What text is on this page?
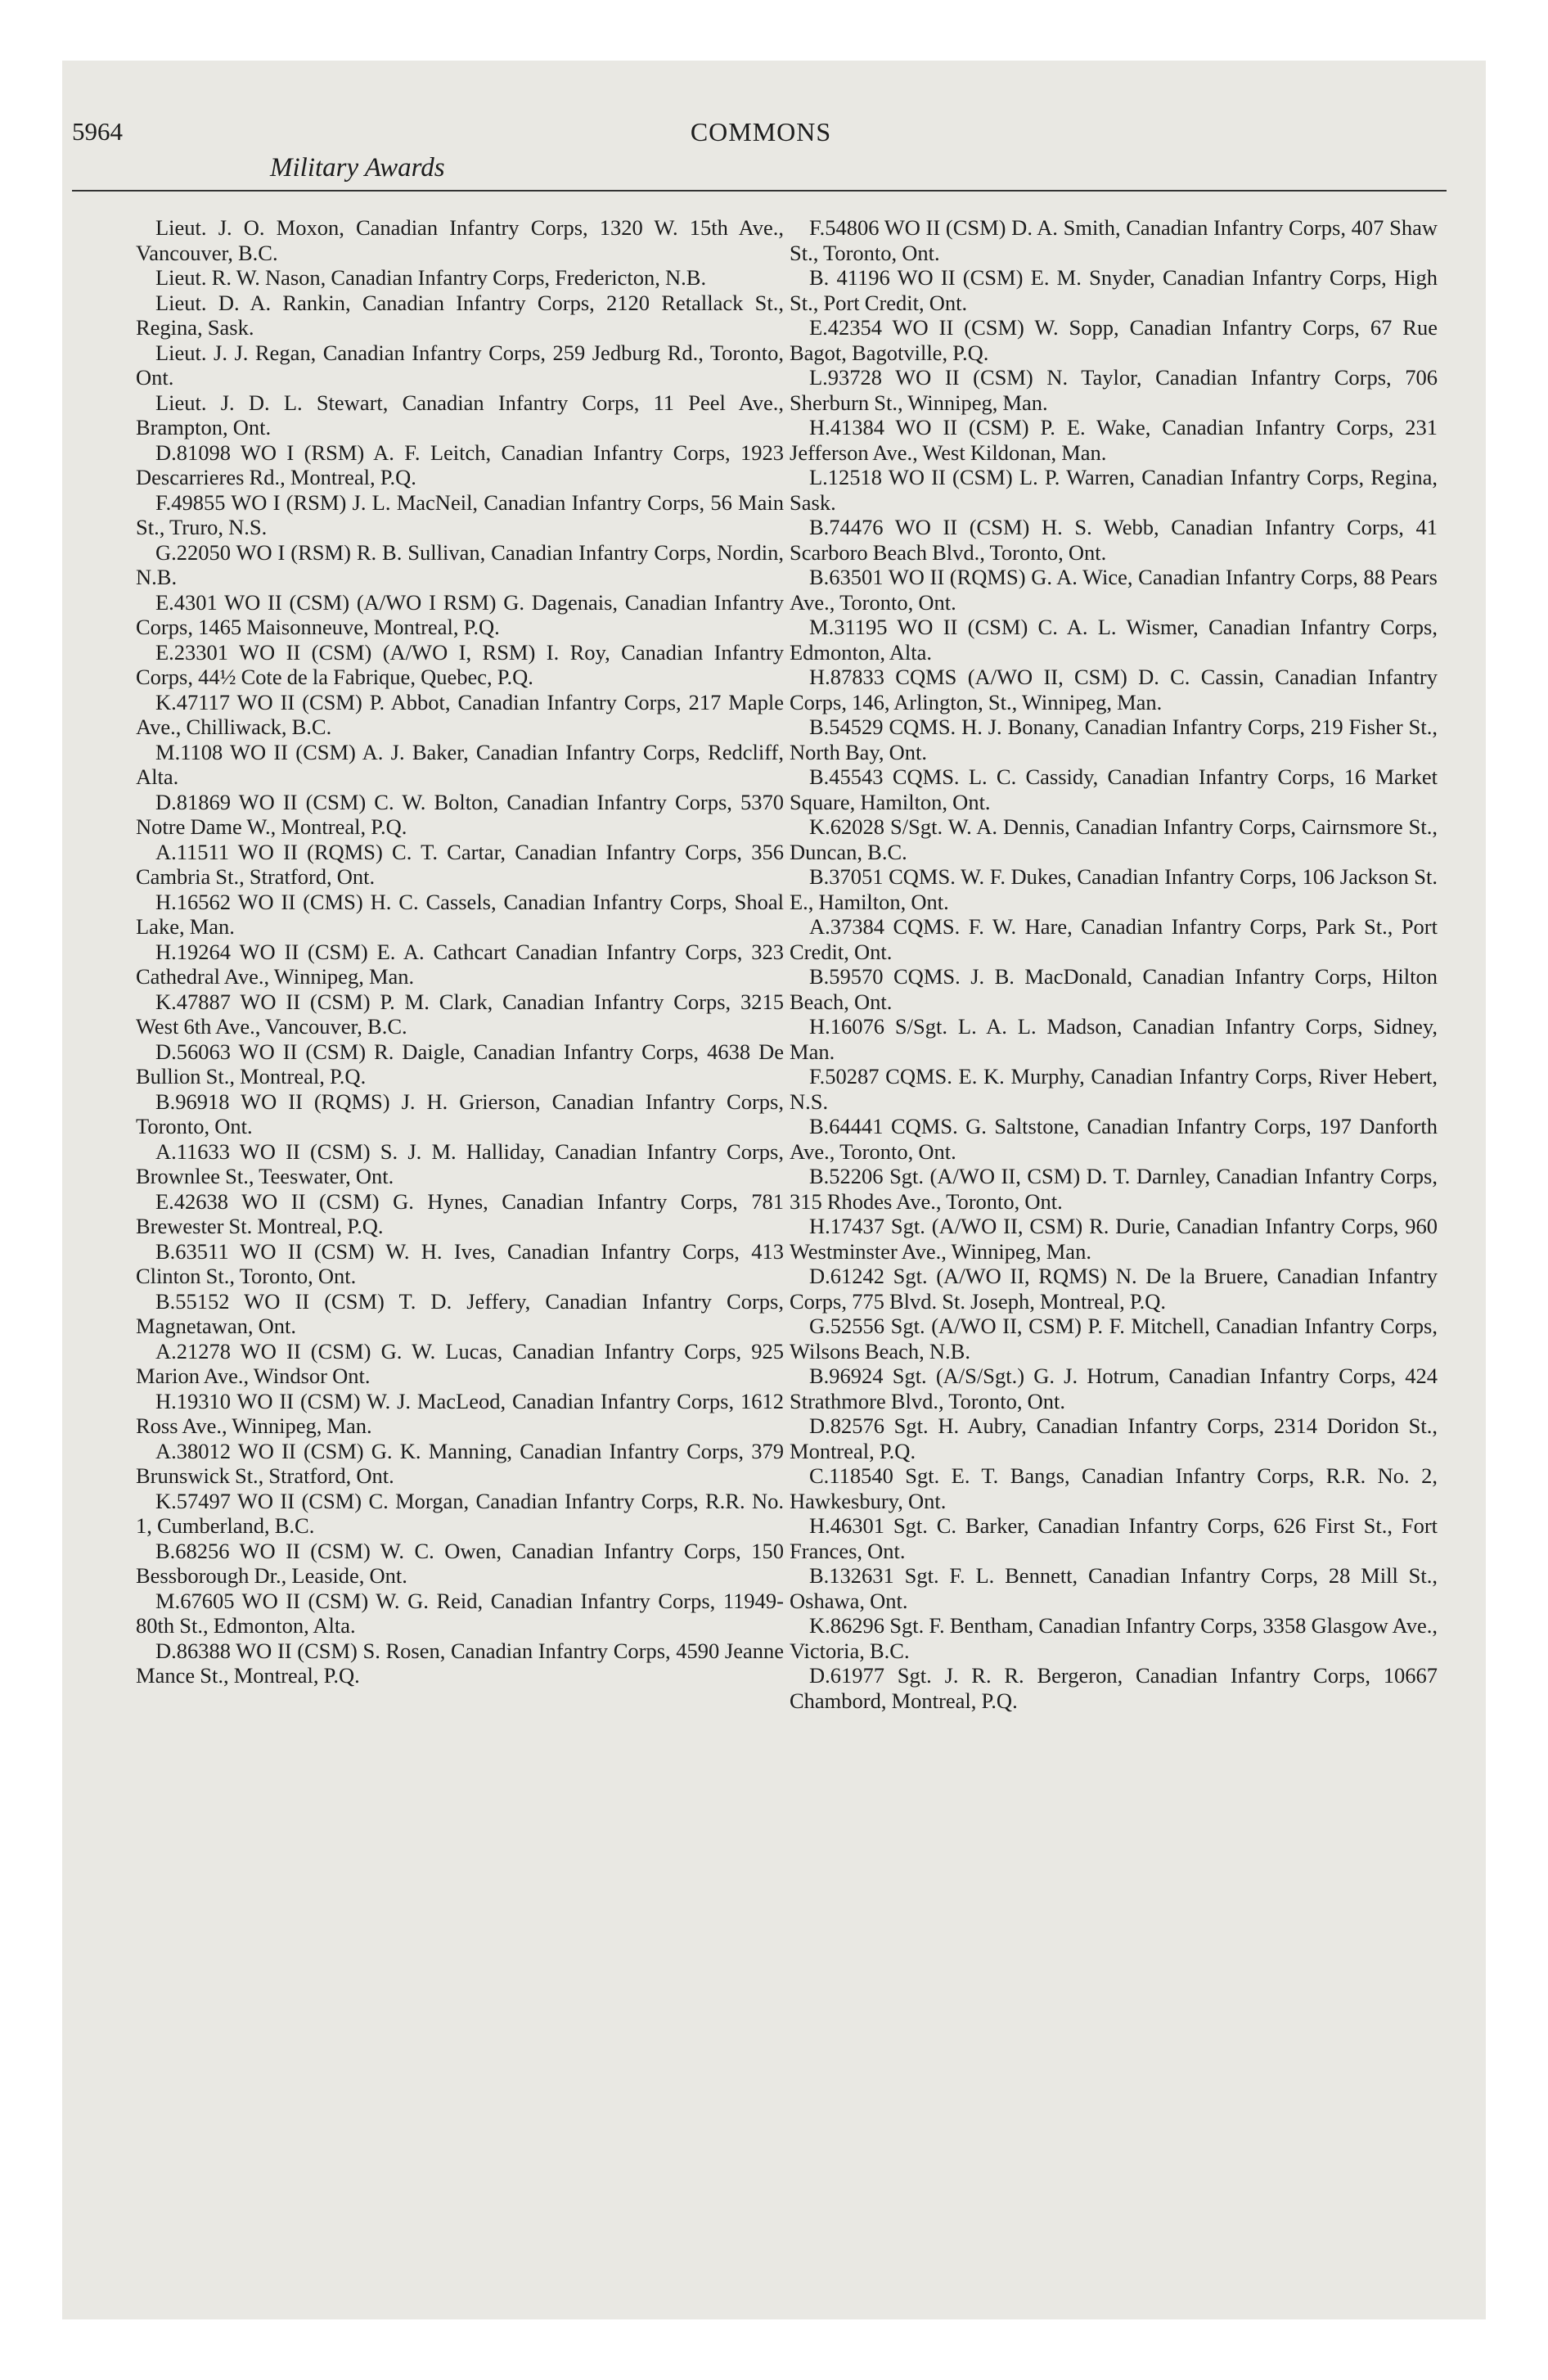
5964	COMMONS
Military Awards

Lieut. J. O. Moxon, Canadian Infantry Corps, 1320 W. 15th Ave., Vancouver, B.C.

Lieut. R. W. Nason, Canadian Infantry Corps, Fredericton, N.B.

Lieut. D. A. Rankin, Canadian Infantry Corps, 2120 Retallack St., Regina, Sask.

Lieut. J. J. Regan, Canadian Infantry Corps, 259 Jedburg Rd., Toronto, Ont.

Lieut. J. D. L. Stewart, Canadian Infantry Corps, 11 Peel Ave., Brampton, Ont.

D.81098 WO I (RSM) A. F. Leitch, Canadian Infantry Corps, 1923 Descarrieres Rd., Montreal, P.Q.

F.49855 WO I (RSM) J. L. MacNeil, Canadian Infantry Corps, 56 Main St., Truro, N.S.

G.22050 WO I (RSM) R. B. Sullivan, Canadian Infantry Corps, Nordin, N.B.

E.4301 WO II (CSM) (A/WO I RSM) G. Dagenais, Canadian Infantry Corps, 1465 Maisonneuve, Montreal, P.Q.

E.23301 WO II (CSM) (A/WO I, RSM) I. Roy, Canadian Infantry Corps, 44½ Cote de la Fabrique, Quebec, P.Q.

K.47117 WO II (CSM) P. Abbot, Canadian Infantry Corps, 217 Maple Ave., Chilliwack, B.C.

M.1108 WO II (CSM) A. J. Baker, Canadian Infantry Corps, Redcliff, Alta.

D.81869 WO II (CSM) C. W. Bolton, Canadian Infantry Corps, 5370 Notre Dame W., Montreal, P.Q.

A.11511 WO II (RQMS) C. T. Cartar, Canadian Infantry Corps, 356 Cambria St., Stratford, Ont.

H.16562 WO II (CMS) H. C. Cassels, Canadian Infantry Corps, Shoal Lake, Man.

H.19264 WO II (CSM) E. A. Cathcart Canadian Infantry Corps, 323 Cathedral Ave., Winnipeg, Man.

K.47887 WO II (CSM) P. M. Clark, Canadian Infantry Corps, 3215 West 6th Ave., Vancouver, B.C.

D.56063 WO II (CSM) R. Daigle, Canadian Infantry Corps, 4638 De Bullion St., Montreal, P.Q.

B.96918 WO II (RQMS) J. H. Grierson, Canadian Infantry Corps, Toronto, Ont.

A.11633 WO II (CSM) S. J. M. Halliday, Canadian Infantry Corps, Brownlee St., Teeswater, Ont.

E.42638 WO II (CSM) G. Hynes, Canadian Infantry Corps, 781 Brewester St. Montreal, P.Q.

B.63511 WO II (CSM) W. H. Ives, Canadian Infantry Corps, 413 Clinton St., Toronto, Ont.

B.55152 WO II (CSM) T. D. Jeffery, Canadian Infantry Corps, Magnetawan, Ont.

A.21278 WO II (CSM) G. W. Lucas, Canadian Infantry Corps, 925 Marion Ave., Windsor Ont.

H.19310 WO II (CSM) W. J. MacLeod, Canadian Infantry Corps, 1612 Ross Ave., Winnipeg, Man.

A.38012 WO II (CSM) G. K. Manning, Canadian Infantry Corps, 379 Brunswick St., Stratford, Ont.

K.57497 WO II (CSM) C. Morgan, Canadian Infantry Corps, R.R. No. 1, Cumberland, B.C.

B.68256 WO II (CSM) W. C. Owen, Canadian Infantry Corps, 150 Bessborough Dr., Leaside, Ont.

M.67605 WO II (CSM) W. G. Reid, Canadian Infantry Corps, 11949-80th St., Edmonton, Alta.

D.86388 WO II (CSM) S. Rosen, Canadian Infantry Corps, 4590 Jeanne Mance St., Montreal, P.Q.

F.54806 WO II (CSM) D. A. Smith, Canadian Infantry Corps, 407 Shaw St., Toronto, Ont.

B. 41196 WO II (CSM) E. M. Snyder, Canadian Infantry Corps, High St., Port Credit, Ont.

E.42354 WO II (CSM) W. Sopp, Canadian Infantry Corps, 67 Rue Bagot, Bagotville, P.Q.

L.93728 WO II (CSM) N. Taylor, Canadian Infantry Corps, 706 Sherburn St., Winnipeg, Man.

H.41384 WO II (CSM) P. E. Wake, Canadian Infantry Corps, 231 Jefferson Ave., West Kildonan, Man.

L.12518 WO II (CSM) L. P. Warren, Canadian Infantry Corps, Regina, Sask.

B.74476 WO II (CSM) H. S. Webb, Canadian Infantry Corps, 41 Scarboro Beach Blvd., Toronto, Ont.

B.63501 WO II (RQMS) G. A. Wice, Canadian Infantry Corps, 88 Pears Ave., Toronto, Ont.

M.31195 WO II (CSM) C. A. L. Wismer, Canadian Infantry Corps, Edmonton, Alta.

H.87833 CQMS (A/WO II, CSM) D. C. Cassin, Canadian Infantry Corps, 146, Arlington, St., Winnipeg, Man.

B.54529 CQMS. H. J. Bonany, Canadian Infantry Corps, 219 Fisher St., North Bay, Ont.

B.45543 CQMS. L. C. Cassidy, Canadian Infantry Corps, 16 Market Square, Hamilton, Ont.

K.62028 S/Sgt. W. A. Dennis, Canadian Infantry Corps, Cairnsmore St., Duncan, B.C.

B.37051 CQMS. W. F. Dukes, Canadian Infantry Corps, 106 Jackson St. E., Hamilton, Ont.

A.37384 CQMS. F. W. Hare, Canadian Infantry Corps, Park St., Port Credit, Ont.

B.59570 CQMS. J. B. MacDonald, Canadian Infantry Corps, Hilton Beach, Ont.

H.16076 S/Sgt. L. A. L. Madson, Canadian Infantry Corps, Sidney, Man.

F.50287 CQMS. E. K. Murphy, Canadian Infantry Corps, River Hebert, N.S.

B.64441 CQMS. G. Saltstone, Canadian Infantry Corps, 197 Danforth Ave., Toronto, Ont.

B.52206 Sgt. (A/WO II, CSM) D. T. Darnley, Canadian Infantry Corps, 315 Rhodes Ave., Toronto, Ont.

H.17437 Sgt. (A/WO II, CSM) R. Durie, Canadian Infantry Corps, 960 Westminster Ave., Winnipeg, Man.

D.61242 Sgt. (A/WO II, RQMS) N. De la Bruere, Canadian Infantry Corps, 775 Blvd. St. Joseph, Montreal, P.Q.

G.52556 Sgt. (A/WO II, CSM) P. F. Mitchell, Canadian Infantry Corps, Wilsons Beach, N.B.

B.96924 Sgt. (A/S/Sgt.) G. J. Hotrum, Canadian Infantry Corps, 424 Strathmore Blvd., Toronto, Ont.

D.82576 Sgt. H. Aubry, Canadian Infantry Corps, 2314 Doridon St., Montreal, P.Q.

C.118540 Sgt. E. T. Bangs, Canadian Infantry Corps, R.R. No. 2, Hawkesbury, Ont.

H.46301 Sgt. C. Barker, Canadian Infantry Corps, 626 First St., Fort Frances, Ont.

B.132631 Sgt. F. L. Bennett, Canadian Infantry Corps, 28 Mill St., Oshawa, Ont.

K.86296 Sgt. F. Bentham, Canadian Infantry Corps, 3358 Glasgow Ave., Victoria, B.C.

D.61977 Sgt. J. R. R. Bergeron, Canadian Infantry Corps, 10667 Chambord, Montreal, P.Q.
